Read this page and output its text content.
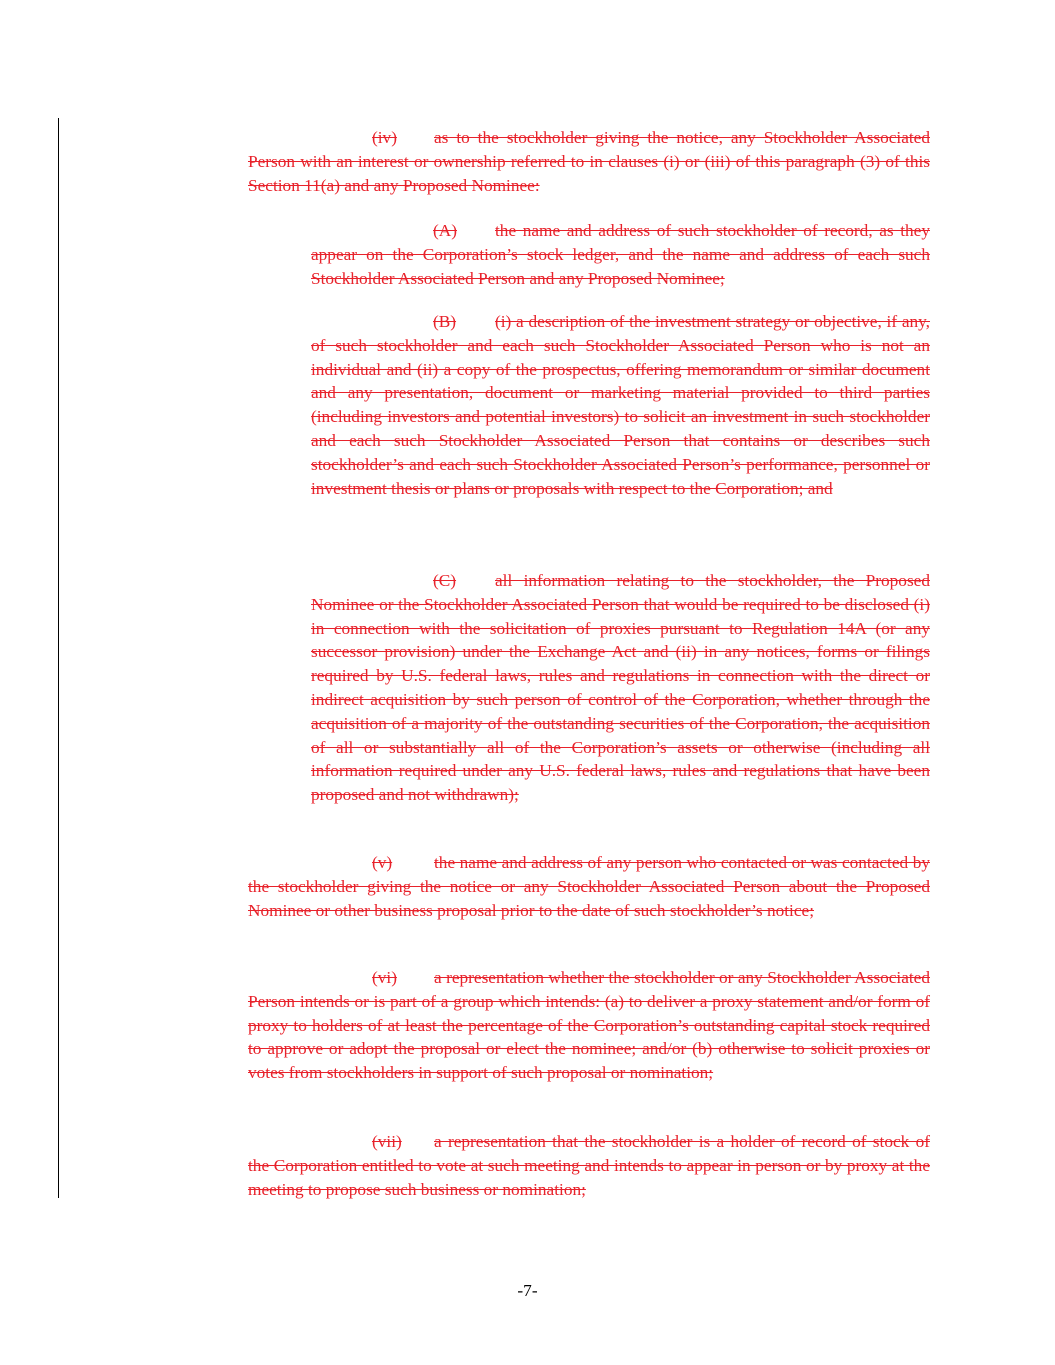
(iv) as to the stockholder giving the notice, any Stockholder Associated Person with an interest or ownership referred to in clauses (i) or (iii) of this paragraph (3) of this Section 11(a) and any Proposed Nominee:

(A) the name and address of such stockholder of record, as they appear on the Corporation’s stock ledger, and the name and address of each such Stockholder Associated Person and any Proposed Nominee;

(B) (i) a description of the investment strategy or objective, if any, of such stockholder and each such Stockholder Associated Person who is not an individual and (ii) a copy of the prospectus, offering memorandum or similar document and any presentation, document or marketing material provided to third parties (including investors and potential investors) to solicit an investment in such stockholder and each such Stockholder Associated Person that contains or describes such stockholder’s and each such Stockholder Associated Person’s performance, personnel or investment thesis or plans or proposals with respect to the Corporation; and

(C) all information relating to the stockholder, the Proposed Nominee or the Stockholder Associated Person that would be required to be disclosed (i) in connection with the solicitation of proxies pursuant to Regulation 14A (or any successor provision) under the Exchange Act and (ii) in any notices, forms or filings required by U.S. federal laws, rules and regulations in connection with the direct or indirect acquisition by such person of control of the Corporation, whether through the acquisition of a majority of the outstanding securities of the Corporation, the acquisition of all or substantially all of the Corporation’s assets or otherwise (including all information required under any U.S. federal laws, rules and regulations that have been proposed and not withdrawn);

(v) the name and address of any person who contacted or was contacted by the stockholder giving the notice or any Stockholder Associated Person about the Proposed Nominee or other business proposal prior to the date of such stockholder’s notice;

(vi) a representation whether the stockholder or any Stockholder Associated Person intends or is part of a group which intends: (a) to deliver a proxy statement and/or form of proxy to holders of at least the percentage of the Corporation’s outstanding capital stock required to approve or adopt the proposal or elect the nominee; and/or (b) otherwise to solicit proxies or votes from stockholders in support of such proposal or nomination;

(vii) a representation that the stockholder is a holder of record of stock of the Corporation entitled to vote at such meeting and intends to appear in person or by proxy at the meeting to propose such business or nomination;

-7-
